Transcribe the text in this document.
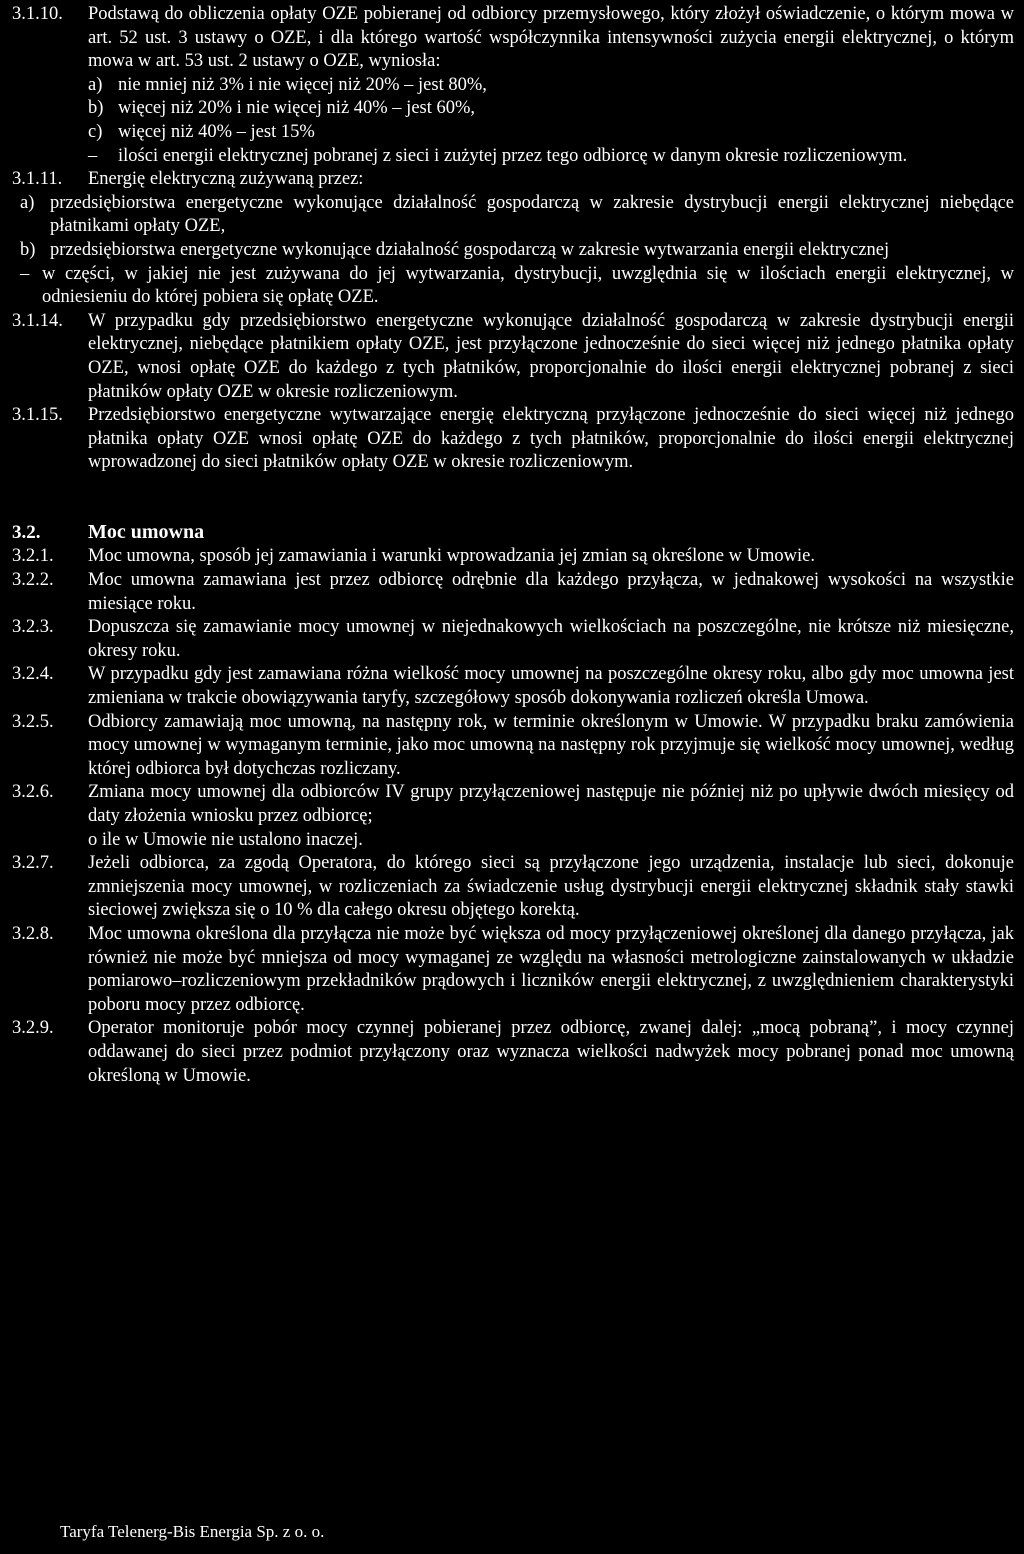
3.1.10.	Podstawą do obliczenia opłaty OZE pobieranej od odbiorcy przemysłowego, który złożył oświadczenie, o którym mowa w art. 52 ust. 3 ustawy o OZE, i dla którego wartość współczynnika intensywności zużycia energii elektrycznej, o którym mowa w art. 53 ust. 2 ustawy o OZE, wyniosła:
a) nie mniej niż 3% i nie więcej niż 20% – jest 80%,
b) więcej niż 20% i nie więcej niż 40% – jest 60%,
c) więcej niż 40% – jest 15%
–	ilości energii elektrycznej pobranej z sieci i zużytej przez tego odbiorcę w danym okresie rozliczeniowym.
3.1.11.	Energię elektryczną zużywaną przez:
a) przedsiębiorstwa energetyczne wykonujące działalność gospodarczą w zakresie dystrybucji energii elektrycznej niebędące płatnikami opłaty OZE,
b) przedsiębiorstwa energetyczne wykonujące działalność gospodarczą w zakresie wytwarzania energii elektrycznej
– w części, w jakiej nie jest zużywana do jej wytwarzania, dystrybucji, uwzględnia się w ilościach energii elektrycznej, w odniesieniu do której pobiera się opłatę OZE.
3.1.14.	W przypadku gdy przedsiębiorstwo energetyczne wykonujące działalność gospodarczą w zakresie dystrybucji energii elektrycznej, niebędące płatnikiem opłaty OZE, jest przyłączone jednocześnie do sieci więcej niż jednego płatnika opłaty OZE, wnosi opłatę OZE do każdego z tych płatników, proporcjonalnie do ilości energii elektrycznej pobranej z sieci płatników opłaty OZE w okresie rozliczeniowym.
3.1.15.	Przedsiębiorstwo energetyczne wytwarzające energię elektryczną przyłączone jednocześnie do sieci więcej niż jednego płatnika opłaty OZE wnosi opłatę OZE do każdego z tych płatników, proporcjonalnie do ilości energii elektrycznej wprowadzonej do sieci płatników opłaty OZE w okresie rozliczeniowym.
3.2.	Moc umowna
3.2.1.	Moc umowna, sposób jej zamawiania i warunki wprowadzania jej zmian są określone w Umowie.
3.2.2.	Moc umowna zamawiana jest przez odbiorcę odrębnie dla każdego przyłącza, w jednakowej wysokości na wszystkie miesiące roku.
3.2.3.	Dopuszcza się zamawianie mocy umownej w niejednakowych wielkościach na poszczególne, nie krótsze niż miesięczne, okresy roku.
3.2.4.	W przypadku gdy jest zamawiana różna wielkość mocy umownej na poszczególne okresy roku, albo gdy moc umowna jest zmieniana w trakcie obowiązywania taryfy, szczegółowy sposób dokonywania rozliczeń określa Umowa.
3.2.5.	Odbiorcy zamawiają moc umowną, na następny rok, w terminie określonym w Umowie. W przypadku braku zamówienia mocy umownej w wymaganym terminie, jako moc umowną na następny rok przyjmuje się wielkość mocy umownej, według której odbiorca był dotychczas rozliczany.
3.2.6.	Zmiana mocy umownej dla odbiorców IV grupy przyłączeniowej następuje nie później niż po upływie dwóch miesięcy od daty złożenia wniosku przez odbiorcę;
o ile w Umowie nie ustalono inaczej.
3.2.7.	Jeżeli odbiorca, za zgodą Operatora, do którego sieci są przyłączone jego urządzenia, instalacje lub sieci, dokonuje zmniejszenia mocy umownej, w rozliczeniach za świadczenie usług dystrybucji energii elektrycznej składnik stały stawki sieciowej zwiększa się o 10 % dla całego okresu objętego korektą.
3.2.8.	Moc umowna określona dla przyłącza nie może być większa od mocy przyłączeniowej określonej dla danego przyłącza, jak również nie może być mniejsza od mocy wymaganej ze względu na własności metrologiczne zainstalowanych w układzie pomiarowo–rozliczeniowym przekładników prądowych i liczników energii elektrycznej, z uwzględnieniem charakterystyki poboru mocy przez odbiorcę.
3.2.9.	Operator monitoruje pobór mocy czynnej pobieranej przez odbiorcę, zwanej dalej: „mocą pobraną”, i mocy czynnej oddawanej do sieci przez podmiot przyłączony oraz wyznacza wielkości nadwyżek mocy pobranej ponad moc umowną określoną w Umowie.
Taryfa Telenerg-Bis Energia Sp. z o. o.
